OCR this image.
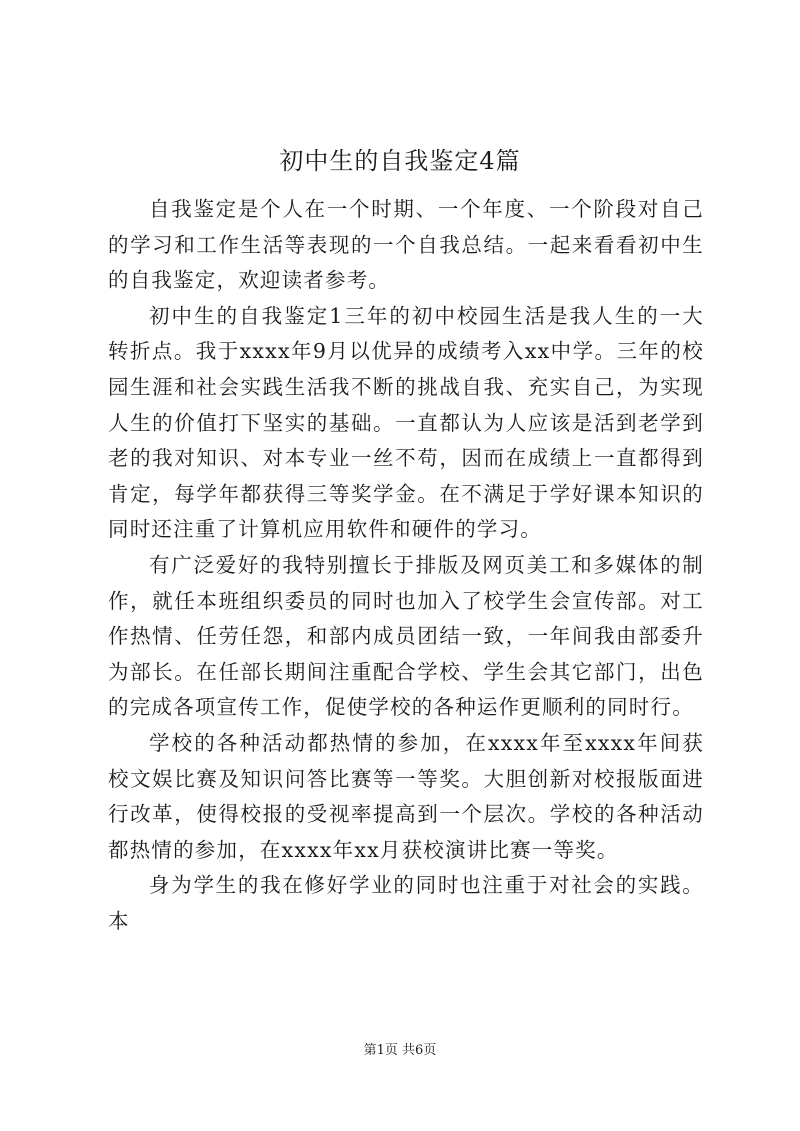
初中生的自我鉴定4篇

自我鉴定是个人在一个时期、一个年度、一个阶段对自己的学习和工作生活等表现的一个自我总结。一起来看看初中生的自我鉴定，欢迎读者参考。

初中生的自我鉴定1三年的初中校园生活是我人生的一大转折点。我于xxxx年9月以优异的成绩考入xx中学。三年的校园生涯和社会实践生活我不断的挑战自我、充实自己，为实现人生的价值打下坚实的基础。一直都认为人应该是活到老学到老的我对知识、对本专业一丝不苟，因而在成绩上一直都得到肯定，每学年都获得三等奖学金。在不满足于学好课本知识的同时还注重了计算机应用软件和硬件的学习。

有广泛爱好的我特别擅长于排版及网页美工和多媒体的制作，就任本班组织委员的同时也加入了校学生会宣传部。对工作热情、任劳任怨，和部内成员团结一致，一年间我由部委升为部长。在任部长期间注重配合学校、学生会其它部门，出色的完成各项宣传工作，促使学校的各种运作更顺利的同时行。

学校的各种活动都热情的参加，在xxxx年至xxxx年间获校文娱比赛及知识问答比赛等一等奖。大胆创新对校报版面进行改革，使得校报的受视率提高到一个层次。学校的各种活动都热情的参加，在xxxx年xx月获校演讲比赛一等奖。

身为学生的我在修好学业的同时也注重于对社会的实践。本

第1页 共6页
